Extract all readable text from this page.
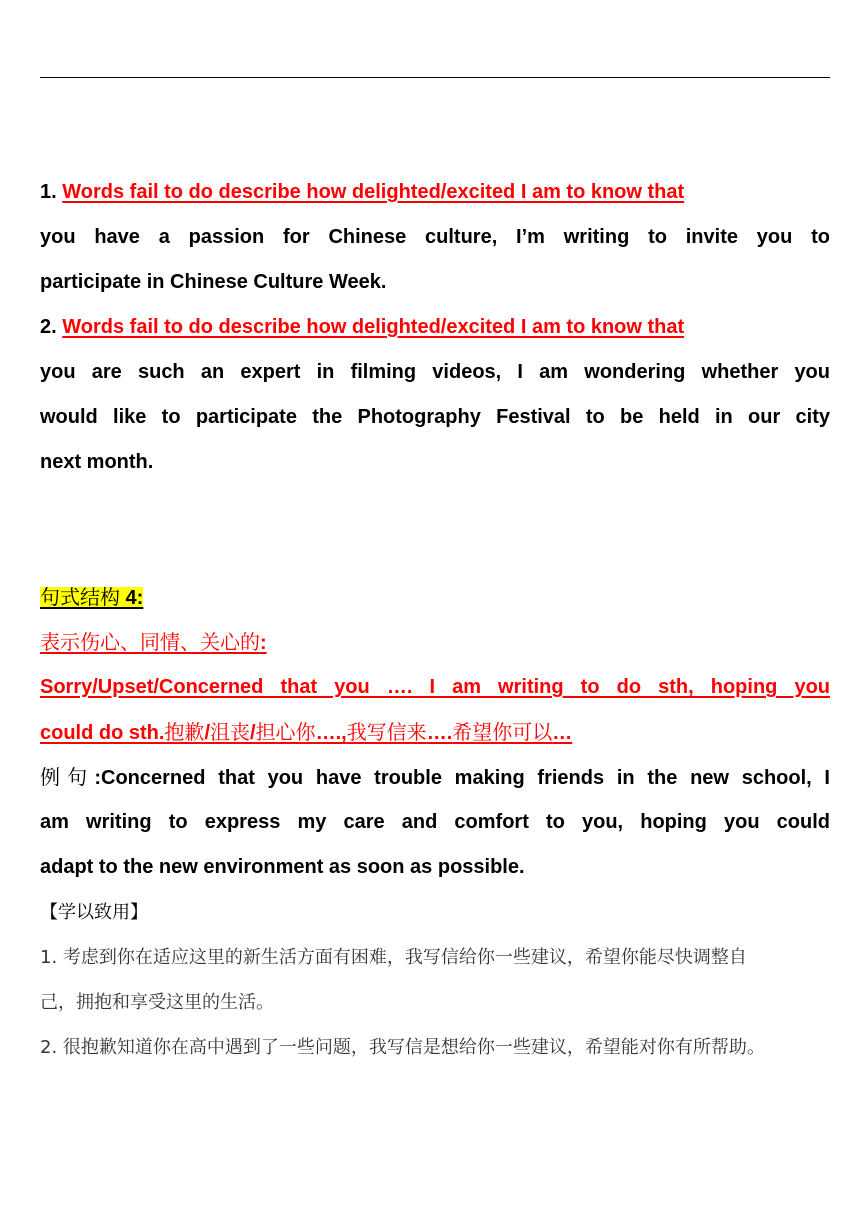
1. Words fail to do describe how delighted/excited I am to know that
you have a passion for Chinese culture, I’m writing to invite you to
participate in Chinese Culture Week.
2. Words fail to do describe how delighted/excited I am to know that
you are such an expert in filming videos, I am wondering whether you
would like to participate the Photography Festival to be held in our city
next month.
句式结构 4:
表示伤心、同情、关心的:
Sorry/Upset/Concerned that you …. I am writing to do sth, hoping you
could do sth.抱歉/沮丧/担心你….,我写信来….希望你可以…
例句:Concerned that you have trouble making friends in the new school, I
am writing to express my care and comfort to you, hoping you could
adapt to the new environment as soon as possible.
【学以致用】
1. 考虑到你在适应这里的新生活方面有困难，我写信给你一些建议，希望你能尽快调整自
己，拥抱和享受这里的生活。
2. 很抱歉知道你在高中遇到了一些问题，我写信是想给你一些建议，希望能对你有所帮助。
